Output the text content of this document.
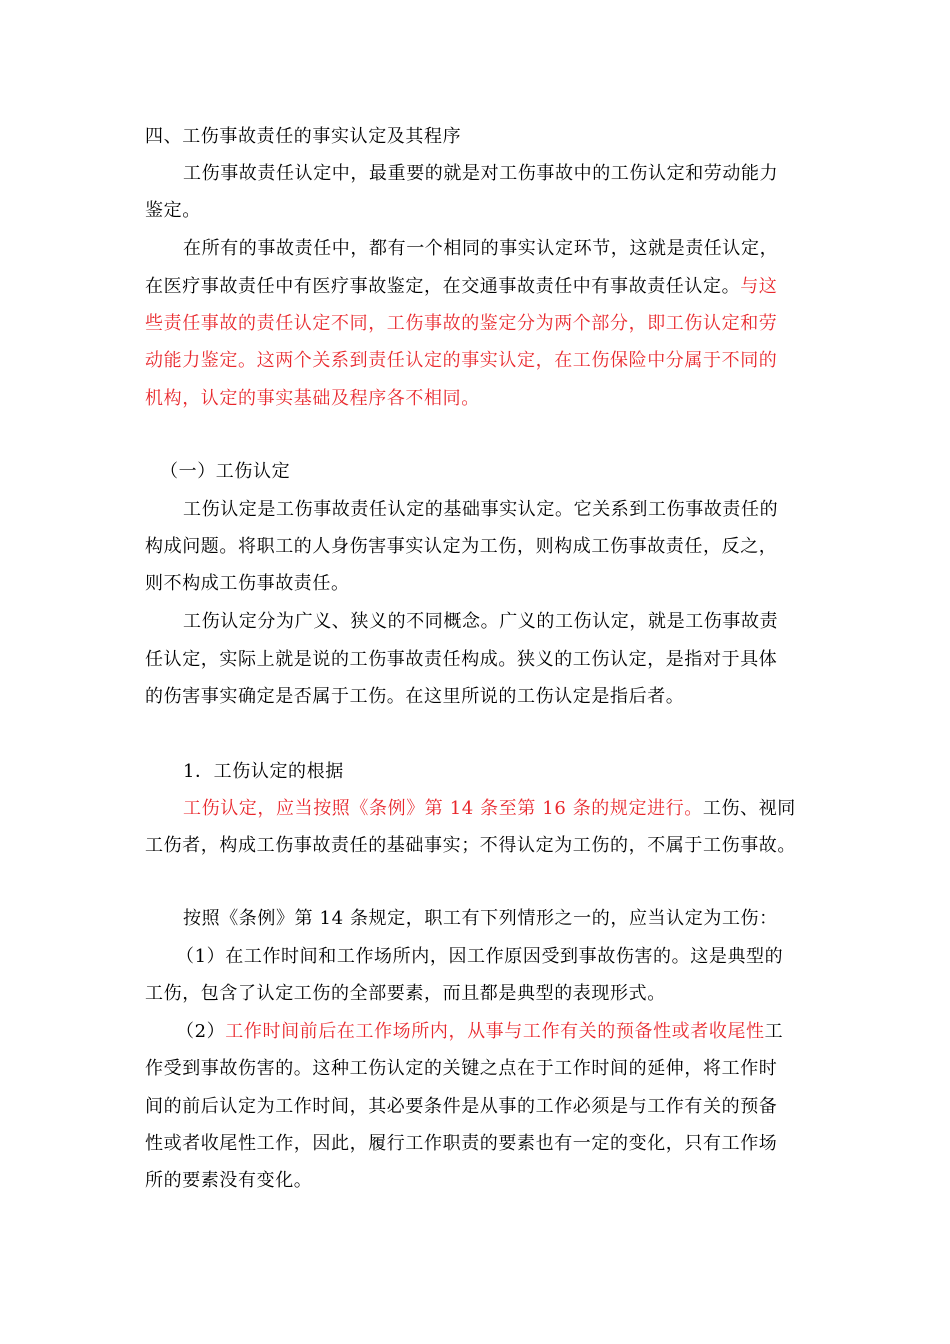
四、工伤事故责任的事实认定及其程序
工伤事故责任认定中，最重要的就是对工伤事故中的工伤认定和劳动能力
鉴定。
在所有的事故责任中，都有一个相同的事实认定环节，这就是责任认定，
在医疗事故责任中有医疗事故鉴定，在交通事故责任中有事故责任认定。与这
些责任事故的责任认定不同，工伤事故的鉴定分为两个部分，即工伤认定和劳
动能力鉴定。这两个关系到责任认定的事实认定，在工伤保险中分属于不同的
机构，认定的事实基础及程序各不相同。
（一）工伤认定
工伤认定是工伤事故责任认定的基础事实认定。它关系到工伤事故责任的
构成问题。将职工的人身伤害事实认定为工伤，则构成工伤事故责任，反之，
则不构成工伤事故责任。
工伤认定分为广义、狭义的不同概念。广义的工伤认定，就是工伤事故责
任认定，实际上就是说的工伤事故责任构成。狭义的工伤认定，是指对于具体
的伤害事实确定是否属于工伤。在这里所说的工伤认定是指后者。
1．工伤认定的根据
工伤认定，应当按照《条例》第 14 条至第 16 条的规定进行。工伤、视同
工伤者，构成工伤事故责任的基础事实；不得认定为工伤的，不属于工伤事故。
按照《条例》第 14 条规定，职工有下列情形之一的，应当认定为工伤：
（1）在工作时间和工作场所内，因工作原因受到事故伤害的。这是典型的
工伤，包含了认定工伤的全部要素，而且都是典型的表现形式。
（2）工作时间前后在工作场所内，从事与工作有关的预备性或者收尾性工
作受到事故伤害的。这种工伤认定的关键之点在于工作时间的延伸，将工作时
间的前后认定为工作时间，其必要条件是从事的工作必须是与工作有关的预备
性或者收尾性工作，因此，履行工作职责的要素也有一定的变化，只有工作场
所的要素没有变化。
